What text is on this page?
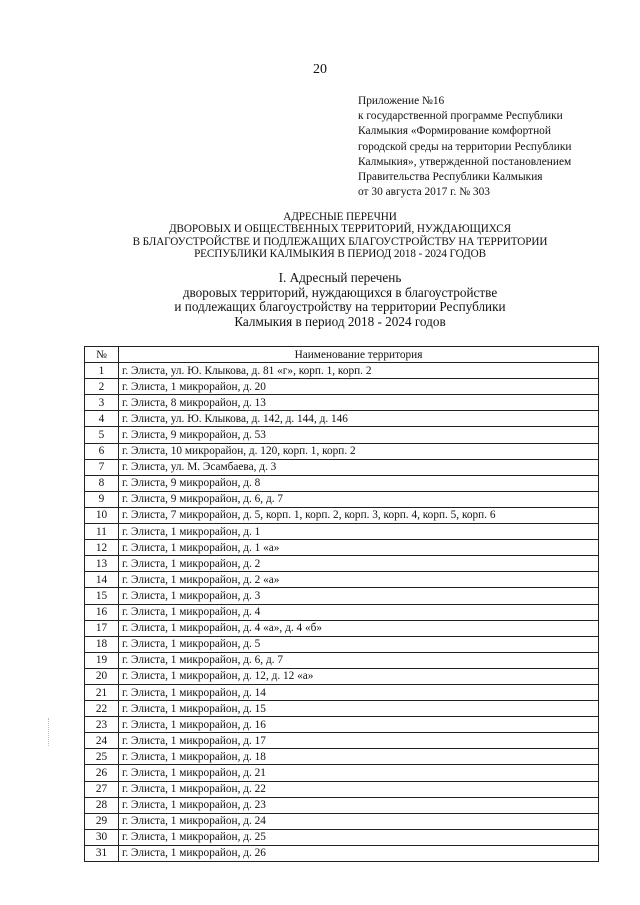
20
Приложение №16
к государственной программе Республики
Калмыкия «Формирование комфортной
городской среды на территории Республики
Калмыкия», утвержденной постановлением
Правительства Республики Калмыкия
от 30 августа 2017 г. № 303
АДРЕСНЫЕ ПЕРЕЧНИ
ДВОРОВЫХ И ОБЩЕСТВЕННЫХ ТЕРРИТОРИЙ, НУЖДАЮЩИХСЯ
В БЛАГОУСТРОЙСТВЕ И ПОДЛЕЖАЩИХ БЛАГОУСТРОЙСТВУ НА ТЕРРИТОРИИ
РЕСПУБЛИКИ КАЛМЫКИЯ В ПЕРИОД 2018 - 2024 ГОДОВ
I. Адресный перечень
дворовых территорий, нуждающихся в благоустройстве
и подлежащих благоустройству на территории Республики
Калмыкия в период 2018 - 2024 годов
№	Наименование территория
1	г. Элиста, ул. Ю. Клыкова, д. 81 «г», корп. 1, корп. 2
2	г. Элиста, 1 микрорайон, д. 20
3	г. Элиста, 8 микрорайон, д. 13
4	г. Элиста, ул. Ю. Клыкова, д. 142, д. 144, д. 146
5	г. Элиста, 9 микрорайон, д. 53
6	г. Элиста, 10 микрорайон, д. 120, корп. 1, корп. 2
7	г. Элиста, ул. М. Эсамбаева, д. 3
8	г. Элиста, 9 микрорайон, д. 8
9	г. Элиста, 9 микрорайон, д. 6, д. 7
10	г. Элиста, 7 микрорайон, д. 5, корп. 1, корп. 2, корп. 3, корп. 4, корп. 5, корп. 6
11	г. Элиста, 1 микрорайон, д. 1
12	г. Элиста, 1 микрорайон, д. 1 «а»
13	г. Элиста, 1 микрорайон, д. 2
14	г. Элиста, 1 микрорайон, д. 2 «а»
15	г. Элиста, 1 микрорайон, д. 3
16	г. Элиста, 1 микрорайон, д. 4
17	г. Элиста, 1 микрорайон, д. 4 «а», д. 4 «б»
18	г. Элиста, 1 микрорайон, д. 5
19	г. Элиста, 1 микрорайон, д. 6, д. 7
20	г. Элиста, 1 микрорайон, д. 12, д. 12 «а»
21	г. Элиста, 1 микрорайон, д. 14
22	г. Элиста, 1 микрорайон, д. 15
23	г. Элиста, 1 микрорайон, д. 16
24	г. Элиста, 1 микрорайон, д. 17
25	г. Элиста, 1 микрорайон, д. 18
26	г. Элиста, 1 микрорайон, д. 21
27	г. Элиста, 1 микрорайон, д. 22
28	г. Элиста, 1 микрорайон, д. 23
29	г. Элиста, 1 микрорайон, д. 24
30	г. Элиста, 1 микрорайон, д. 25
31	г. Элиста, 1 микрорайон, д. 26
